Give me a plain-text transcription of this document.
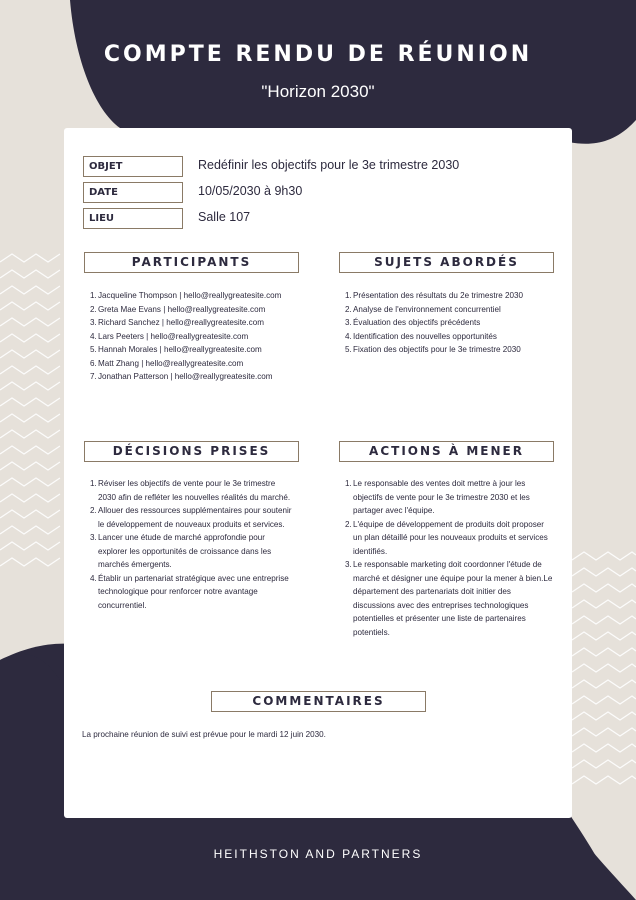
COMPTE RENDU DE RÉUNION
"Horizon 2030"
OBJET	Redéfinir les objectifs pour le 3e trimestre 2030
DATE	10/05/2030 à 9h30
LIEU	Salle 107
PARTICIPANTS
1. Jacqueline Thompson | hello@reallygreatesite.com
2. Greta Mae Evans | hello@reallygreatesite.com
3. Richard Sanchez | hello@reallygreatesite.com
4. Lars Peeters | hello@reallygreatesite.com
5. Hannah Morales | hello@reallygreatesite.com
6. Matt Zhang | hello@reallygreatesite.com
7. Jonathan Patterson | hello@reallygreatesite.com
SUJETS ABORDÉS
1. Présentation des résultats du 2e trimestre 2030
2. Analyse de l'environnement concurrentiel
3. Évaluation des objectifs précédents
4. Identification des nouvelles opportunités
5. Fixation des objectifs pour le 3e trimestre 2030
DÉCISIONS PRISES
1. Réviser les objectifs de vente pour le 3e trimestre
2030 afin de refléter les nouvelles réalités du marché.
2. Allouer des ressources supplémentaires pour soutenir
le développement de nouveaux produits et services.
3. Lancer une étude de marché approfondie pour
explorer les opportunités de croissance dans les
marchés émergents.
4. Établir un partenariat stratégique avec une entreprise
technologique pour renforcer notre avantage
concurrentiel.
ACTIONS À MENER
1. Le responsable des ventes doit mettre à jour les
objectifs de vente pour le 3e trimestre 2030 et les
partager avec l'équipe.
2. L'équipe de développement de produits doit proposer
un plan détaillé pour les nouveaux produits et services
identifiés.
3. Le responsable marketing doit coordonner l'étude de
marché et désigner une équipe pour la mener à bien.Le
département des partenariats doit initier des
discussions avec des entreprises technologiques
potentielles et présenter une liste de partenaires
potentiels.
COMMENTAIRES
La prochaine réunion de suivi est prévue pour le mardi 12 juin 2030.
HEITHSTON AND PARTNERS
